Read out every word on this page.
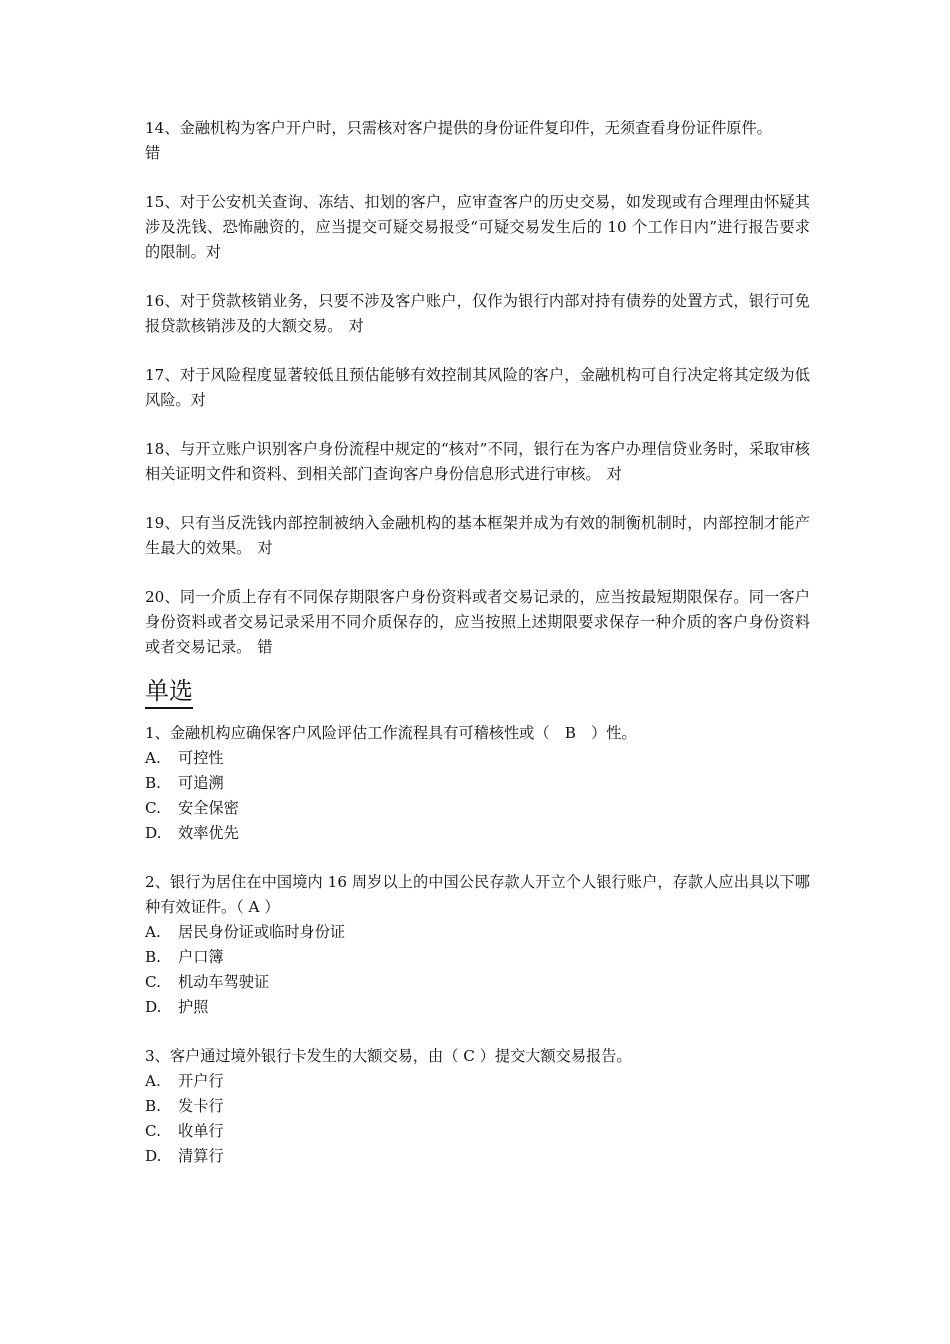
14、金融机构为客户开户时，只需核对客户提供的身份证件复印件，无须查看身份证件原件。
错

15、对于公安机关查询、冻结、扣划的客户，应审查客户的历史交易，如发现或有合理理由怀疑其涉及洗钱、恐怖融资的，应当提交可疑交易报受“可疑交易发生后的 10 个工作日内”进行报告要求的限制。对

16、对于贷款核销业务，只要不涉及客户账户，仅作为银行内部对持有债券的处置方式，银行可免报贷款核销涉及的大额交易。 对

17、对于风险程度显著较低且预估能够有效控制其风险的客户，金融机构可自行决定将其定级为低风险。对

18、与开立账户识别客户身份流程中规定的“核对”不同，银行在为客户办理信贷业务时，采取审核相关证明文件和资料、到相关部门查询客户身份信息形式进行审核。 对

19、只有当反洗钱内部控制被纳入金融机构的基本框架并成为有效的制衡机制时，内部控制才能产生最大的效果。 对

20、同一介质上存有不同保存期限客户身份资料或者交易记录的，应当按最短期限保存。同一客户身份资料或者交易记录采用不同介质保存的，应当按照上述期限要求保存一种介质的客户身份资料或者交易记录。 错

单选

1、金融机构应确保客户风险评估工作流程具有可稽核性或（　B　）性。

A.	可控性
B.	可追溯
C.	安全保密
D.	效率优先

2、银行为居住在中国境内 16 周岁以上的中国公民存款人开立个人银行账户，存款人应出具以下哪种有效证件。（ A ）

A.	居民身份证或临时身份证
B.	户口簿
C.	机动车驾驶证
D.	护照

3、客户通过境外银行卡发生的大额交易，由（ C ）提交大额交易报告。

A.	开户行
B.	发卡行
C.	收单行
D.	清算行
